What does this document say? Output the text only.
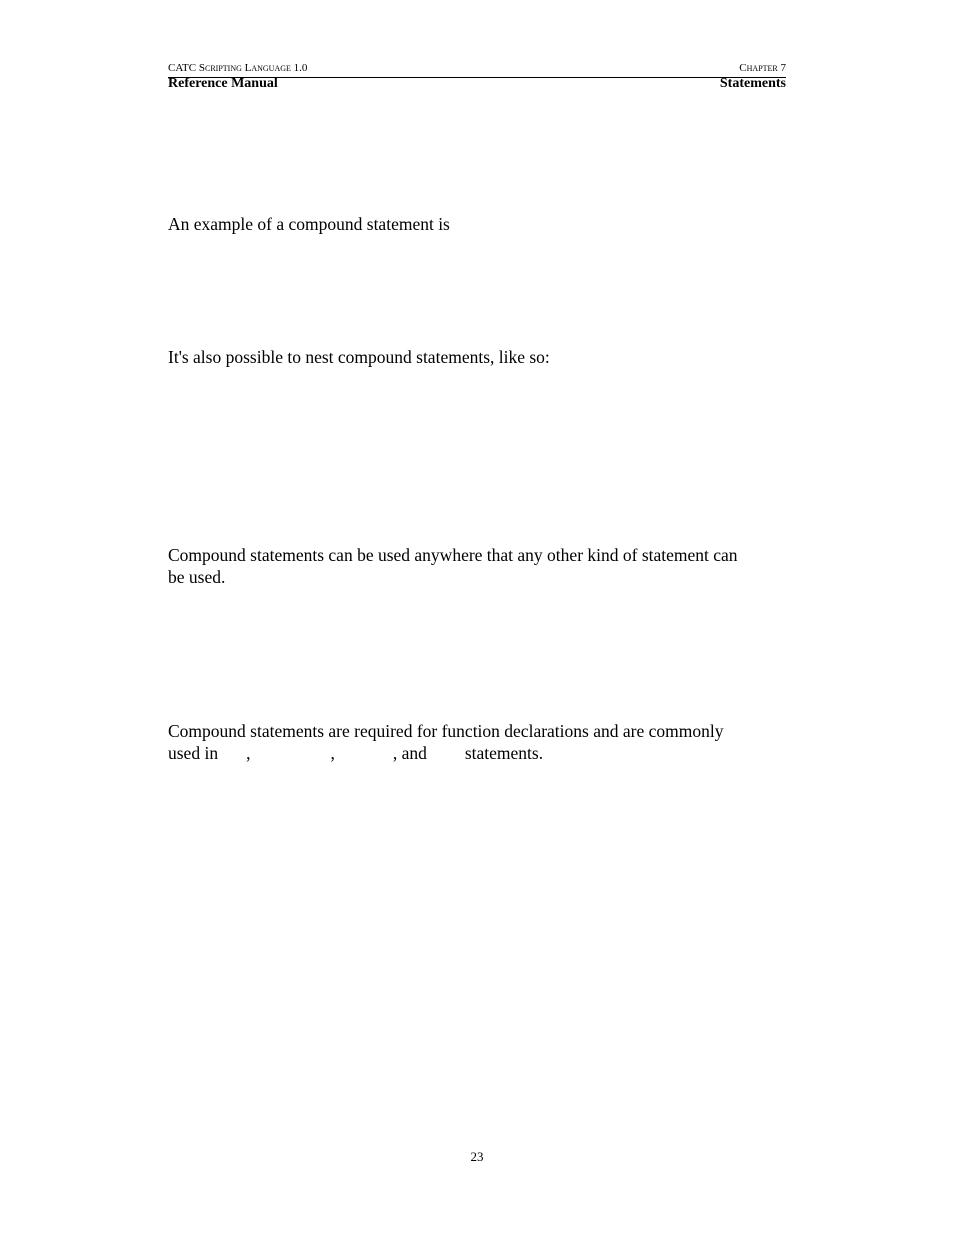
CATC Scripting Language 1.0	Chapter 7
Reference Manual	Statements
An example of a compound statement is
It's also possible to nest compound statements, like so:
Compound statements can be used anywhere that any other kind of statement can
be used.
Compound statements are required for function declarations and are commonly
used in ,	,	, and statements.
23
